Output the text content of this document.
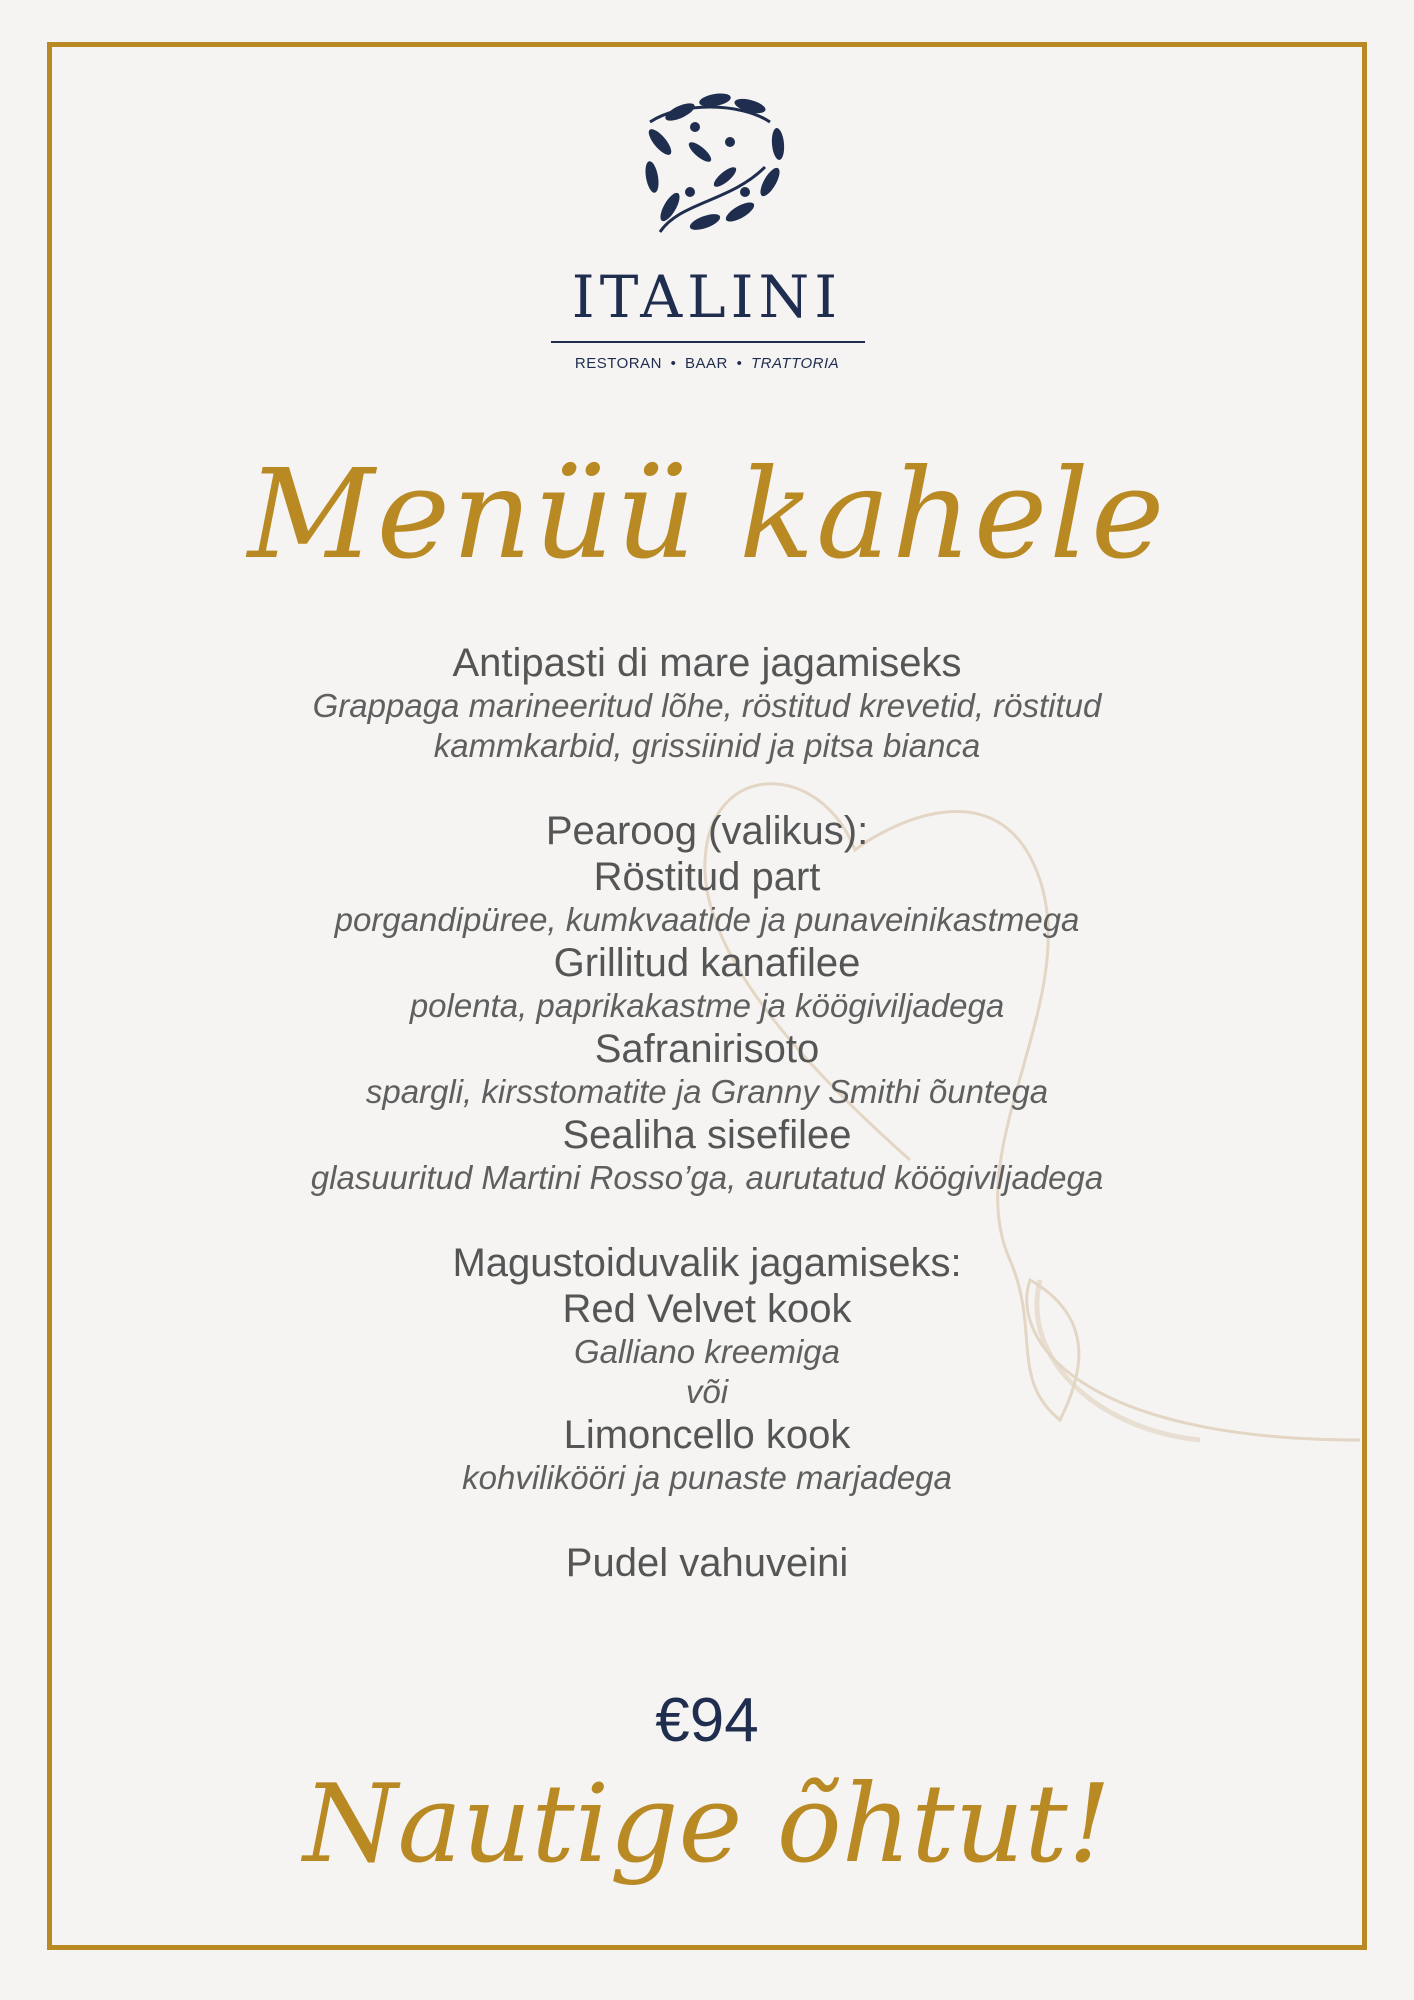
ITALINI
RESTORAN • BAAR • TRATTORIA
Menüü kahele

Antipasti di mare jagamiseks

Grappaga marineeritud lõhe, röstitud krevetid, röstitud

kammkarbid, grissiinid ja pitsa bianca

Pearoog (valikus):

Röstitud part

porgandipüree, kumkvaatide ja punaveinikastmega

Grillitud kanafilee

polenta, paprikakastme ja köögiviljadega

Safranirisoto

spargli, kirsstomatite ja Granny Smithi õuntega

Sealiha sisefilee

glasuuritud Martini Rosso’ga, aurutatud köögiviljadega

Magustoiduvalik jagamiseks:

Red Velvet kook

Galliano kreemiga

või

Limoncello kook

kohvilikööri ja punaste marjadega

Pudel vahuveini

€94
Nautige õhtut!
